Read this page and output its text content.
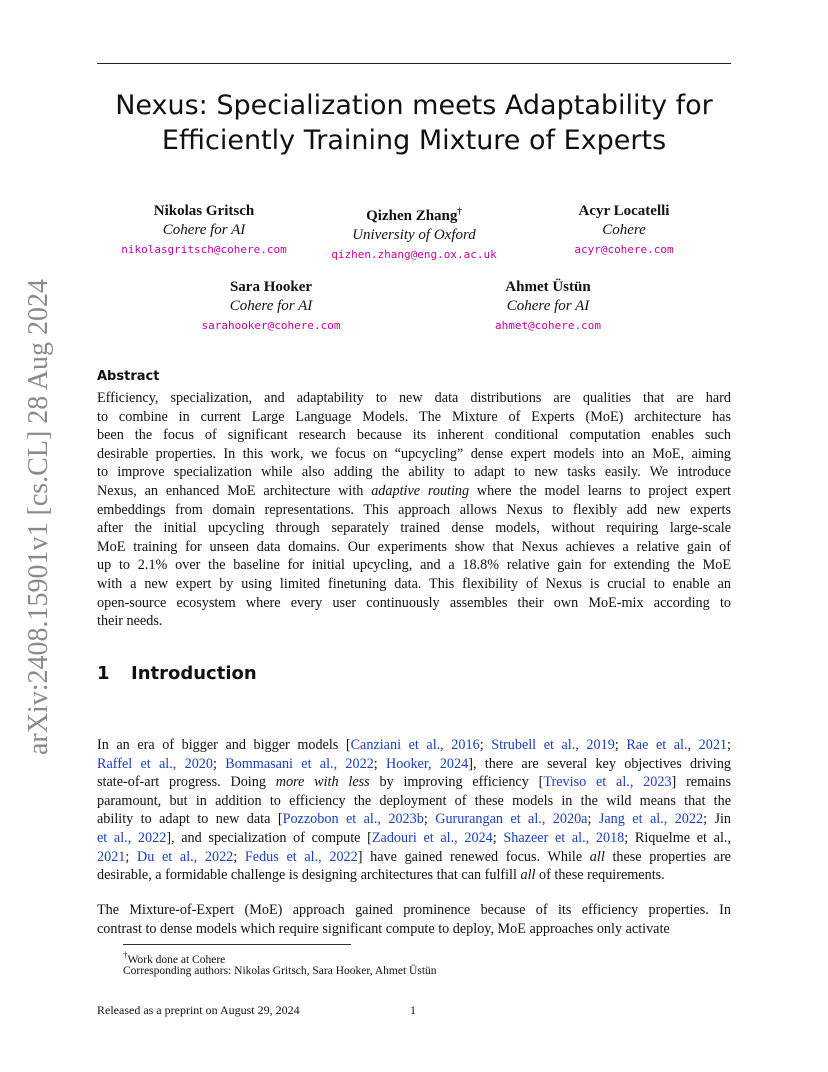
arXiv:2408.15901v1 [cs.CL] 28 Aug 2024
Nexus: Specialization meets Adaptability for
Efficiently Training Mixture of Experts
Nikolas Gritsch
Cohere for AI
nikolasgritsch@cohere.com
Qizhen Zhang†
University of Oxford
qizhen.zhang@eng.ox.ac.uk
Acyr Locatelli
Cohere
acyr@cohere.com
Sara Hooker
Cohere for AI
sarahooker@cohere.com
Ahmet Üstün
Cohere for AI
ahmet@cohere.com
Abstract
Efficiency, specialization, and adaptability to new data distributions are qualities that are hard
to combine in current Large Language Models. The Mixture of Experts (MoE) architecture has
been the focus of significant research because its inherent conditional computation enables such
desirable properties. In this work, we focus on “upcycling” dense expert models into an MoE, aiming
to improve specialization while also adding the ability to adapt to new tasks easily. We introduce
Nexus, an enhanced MoE architecture with adaptive routing where the model learns to project expert
embeddings from domain representations. This approach allows Nexus to flexibly add new experts
after the initial upcycling through separately trained dense models, without requiring large-scale
MoE training for unseen data domains. Our experiments show that Nexus achieves a relative gain of
up to 2.1% over the baseline for initial upcycling, and a 18.8% relative gain for extending the MoE
with a new expert by using limited finetuning data. This flexibility of Nexus is crucial to enable an
open-source ecosystem where every user continuously assembles their own MoE-mix according to
their needs.
1 Introduction
In an era of bigger and bigger models [Canziani et al., 2016; Strubell et al., 2019; Rae et al., 2021;
Raffel et al., 2020; Bommasani et al., 2022; Hooker, 2024], there are several key objectives driving
state-of-art progress. Doing more with less by improving efficiency [Treviso et al., 2023] remains
paramount, but in addition to efficiency the deployment of these models in the wild means that the
ability to adapt to new data [Pozzobon et al., 2023b; Gururangan et al., 2020a; Jang et al., 2022; Jin
et al., 2022], and specialization of compute [Zadouri et al., 2024; Shazeer et al., 2018; Riquelme et al.,
2021; Du et al., 2022; Fedus et al., 2022] have gained renewed focus. While all these properties are
desirable, a formidable challenge is designing architectures that can fulfill all of these requirements.
The Mixture-of-Expert (MoE) approach gained prominence because of its efficiency properties. In
contrast to dense models which require significant compute to deploy, MoE approaches only activate
†Work done at Cohere
Corresponding authors: Nikolas Gritsch, Sara Hooker, Ahmet Üstün
Released as a preprint on August 29, 2024	1
